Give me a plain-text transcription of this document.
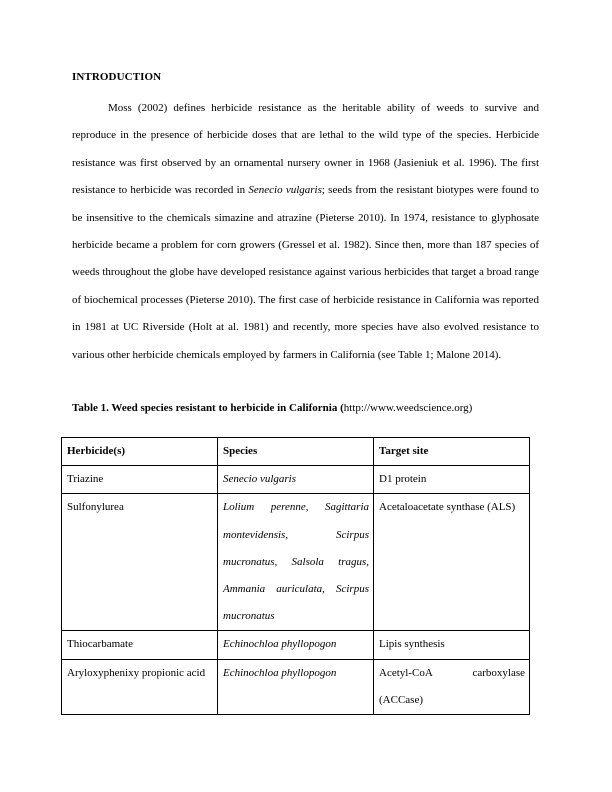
INTRODUCTION

Moss (2002) defines herbicide resistance as the heritable ability of weeds to survive and reproduce in the presence of herbicide doses that are lethal to the wild type of the species. Herbicide resistance was first observed by an ornamental nursery owner in 1968 (Jasieniuk et al. 1996). The first resistance to herbicide was recorded in Senecio vulgaris; seeds from the resistant biotypes were found to be insensitive to the chemicals simazine and atrazine (Pieterse 2010). In 1974, resistance to glyphosate herbicide became a problem for corn growers (Gressel et al. 1982). Since then, more than 187 species of weeds throughout the globe have developed resistance against various herbicides that target a broad range of biochemical processes (Pieterse 2010). The first case of herbicide resistance in California was reported in 1981 at UC Riverside (Holt at al. 1981) and recently, more species have also evolved resistance to various other herbicide chemicals employed by farmers in California (see Table 1; Malone 2014).

Table 1. Weed species resistant to herbicide in California (http://www.weedscience.org)
Herbicide(s)	Species	Target site
Triazine	Senecio vulgaris	D1 protein
Sulfonylurea	Lolium perenne, Sagittaria montevidensis, Scirpus mucronatus, Salsola tragus, Ammania auriculata, Scirpus mucronatus	Acetaloacetate synthase (ALS)
Thiocarbamate	Echinochloa phyllopogon	Lipis synthesis
Aryloxyphenixy propionic acid	Echinochloa phyllopogon	Acetyl-CoA carboxylase (ACCase)
